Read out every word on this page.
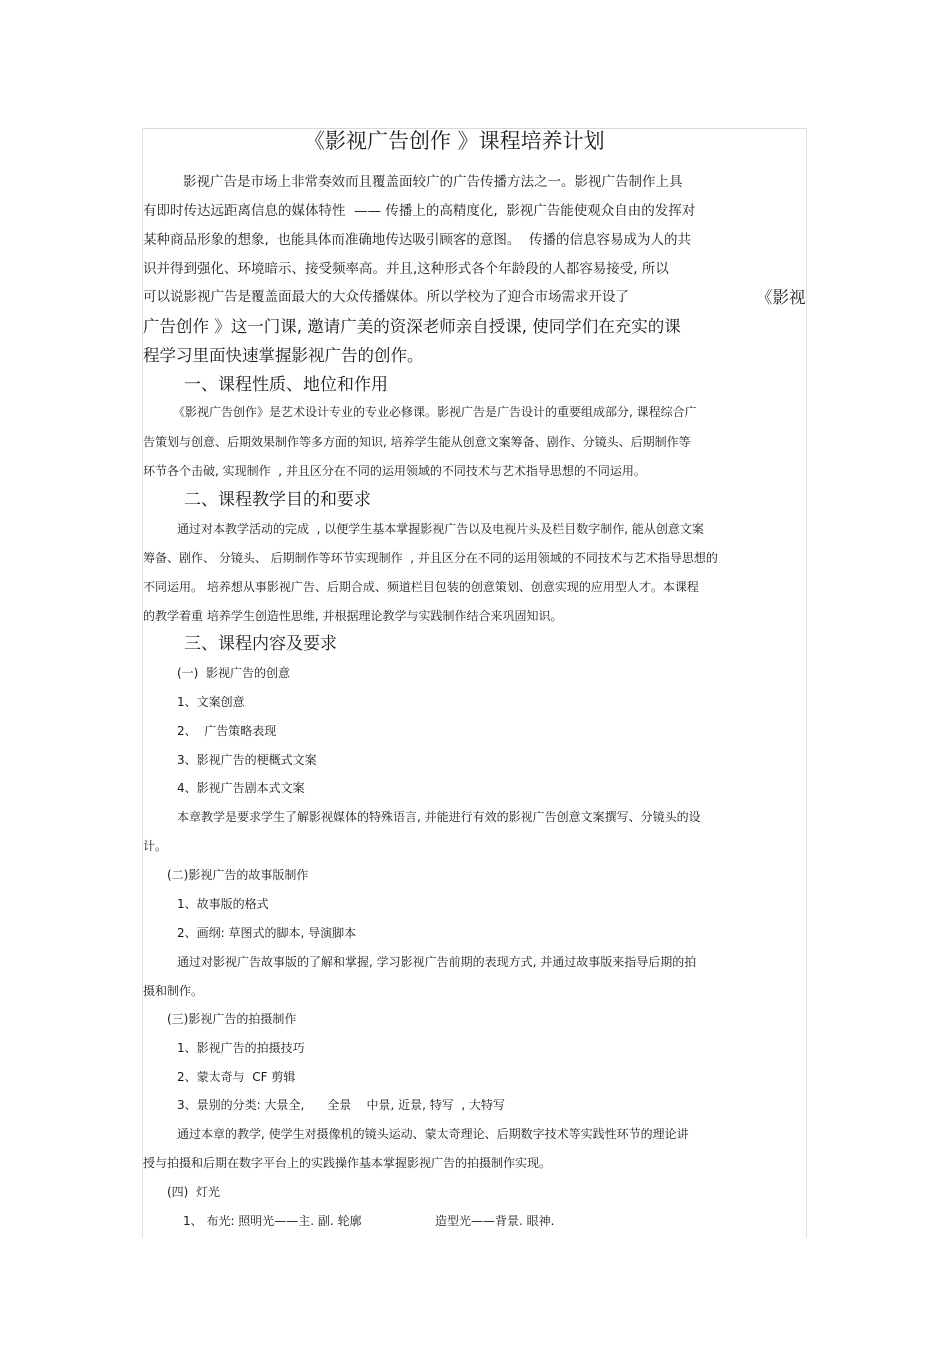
《影视广告创作 》课程培养计划
影视广告是市场上非常奏效而且覆盖面较广的广告传播方法之一。影视广告制作上具
有即时传达远距离信息的媒体特性  —— 传播上的高精度化,  影视广告能使观众自由的发挥对
某种商品形象的想象,  也能具体而准确地传达吸引顾客的意图。  传播的信息容易成为人的共
识并得到强化、环境暗示、接受频率高。并且,这种形式各个年龄段的人都容易接受, 所以
可以说影视广告是覆盖面最大的大众传播媒体。所以学校为了迎合市场需求开设了	《影视
广告创作 》这一门课, 邀请广美的资深老师亲自授课, 使同学们在充实的课
程学习里面快速掌握影视广告的创作。
一、课程性质、地位和作用
《影视广告创作》是艺术设计专业的专业必修课。影视广告是广告设计的重要组成部分, 课程综合广
告策划与创意、后期效果制作等多方面的知识, 培养学生能从创意文案筹备、剧作、分镜头、后期制作等
环节各个击破, 实现制作  , 并且区分在不同的运用领域的不同技术与艺术指导思想的不同运用。
二、课程教学目的和要求
通过对本教学活动的完成  , 以便学生基本掌握影视广告以及电视片头及栏目数字制作, 能从创意文案
筹备、剧作、 分镜头、 后期制作等环节实现制作  , 并且区分在不同的运用领域的不同技术与艺术指导思想的
不同运用。 培养想从事影视广告、后期合成、频道栏目包装的创意策划、创意实现的应用型人才。本课程
的教学着重 培养学生创造性思维, 并根据理论教学与实践制作结合来巩固知识。
三、课程内容及要求
(一)  影视广告的创意
1、文案创意
2、  广告策略表现
3、影视广告的梗概式文案
4、影视广告剧本式文案
本章教学是要求学生了解影视媒体的特殊语言, 并能进行有效的影视广告创意文案撰写、分镜头的设
计。
(二)影视广告的故事版制作
1、故事版的格式
2、画纲: 草图式的脚本, 导演脚本
通过对影视广告故事版的了解和掌握, 学习影视广告前期的表现方式, 并通过故事版来指导后期的拍
摄和制作。
(三)影视广告的拍摄制作
1、影视广告的拍摄技巧
2、蒙太奇与  CF 剪辑
3、景别的分类: 大景全,      全景    中景, 近景, 特写  , 大特写
通过本章的教学, 使学生对摄像机的镜头运动、蒙太奇理论、后期数字技术等实践性环节的理论讲
授与拍摄和后期在数字平台上的实践操作基本掌握影视广告的拍摄制作实现。
(四)  灯光
1、 布光: 照明光——主. 副. 轮廓	造型光——背景. 眼神.
